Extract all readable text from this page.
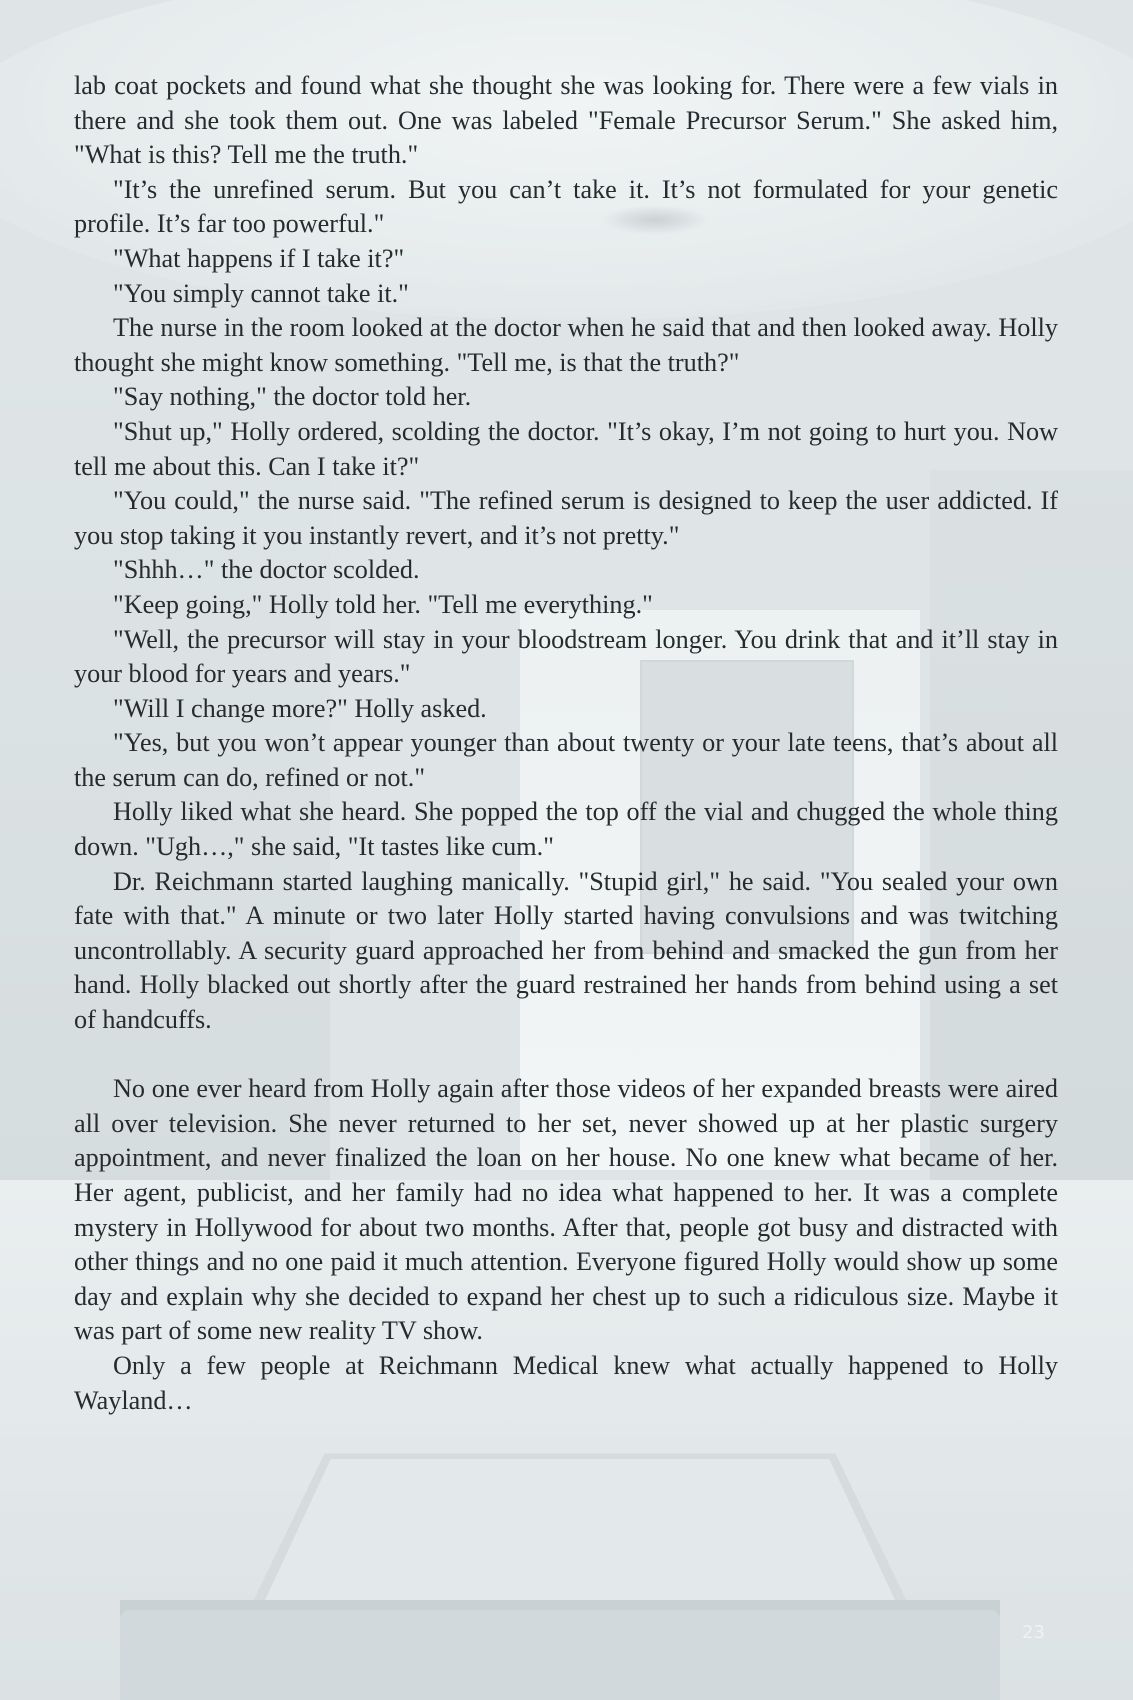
lab coat pockets and found what she thought she was looking for. There were a few vials in there and she took them out. One was labeled "Female Precursor Serum." She asked him, "What is this? Tell me the truth."

"It’s the unrefined serum. But you can’t take it. It’s not formulated for your genetic profile. It’s far too powerful."

"What happens if I take it?"

"You simply cannot take it."

The nurse in the room looked at the doctor when he said that and then looked away. Holly thought she might know something. "Tell me, is that the truth?"

"Say nothing," the doctor told her.

"Shut up," Holly ordered, scolding the doctor. "It’s okay, I’m not going to hurt you. Now tell me about this. Can I take it?"

"You could," the nurse said. "The refined serum is designed to keep the user addicted. If you stop taking it you instantly revert, and it’s not pretty."

"Shhh…" the doctor scolded.

"Keep going," Holly told her. "Tell me everything."

"Well, the precursor will stay in your bloodstream longer. You drink that and it’ll stay in your blood for years and years."

"Will I change more?" Holly asked.

"Yes, but you won’t appear younger than about twenty or your late teens, that’s about all the serum can do, refined or not."

Holly liked what she heard. She popped the top off the vial and chugged the whole thing down. "Ugh…," she said, "It tastes like cum."

Dr. Reichmann started laughing manically. "Stupid girl," he said. "You sealed your own fate with that." A minute or two later Holly started having convulsions and was twitching uncontrollably. A security guard approached her from behind and smacked the gun from her hand. Holly blacked out shortly after the guard restrained her hands from behind using a set of handcuffs.

No one ever heard from Holly again after those videos of her expanded breasts were aired all over television. She never returned to her set, never showed up at her plastic surgery appointment, and never finalized the loan on her house. No one knew what became of her. Her agent, publicist, and her family had no idea what happened to her. It was a complete mystery in Hollywood for about two months. After that, people got busy and distracted with other things and no one paid it much attention. Everyone figured Holly would show up some day and explain why she decided to expand her chest up to such a ridiculous size. Maybe it was part of some new reality TV show.

Only a few people at Reichmann Medical knew what actually happened to Holly Wayland…

23
